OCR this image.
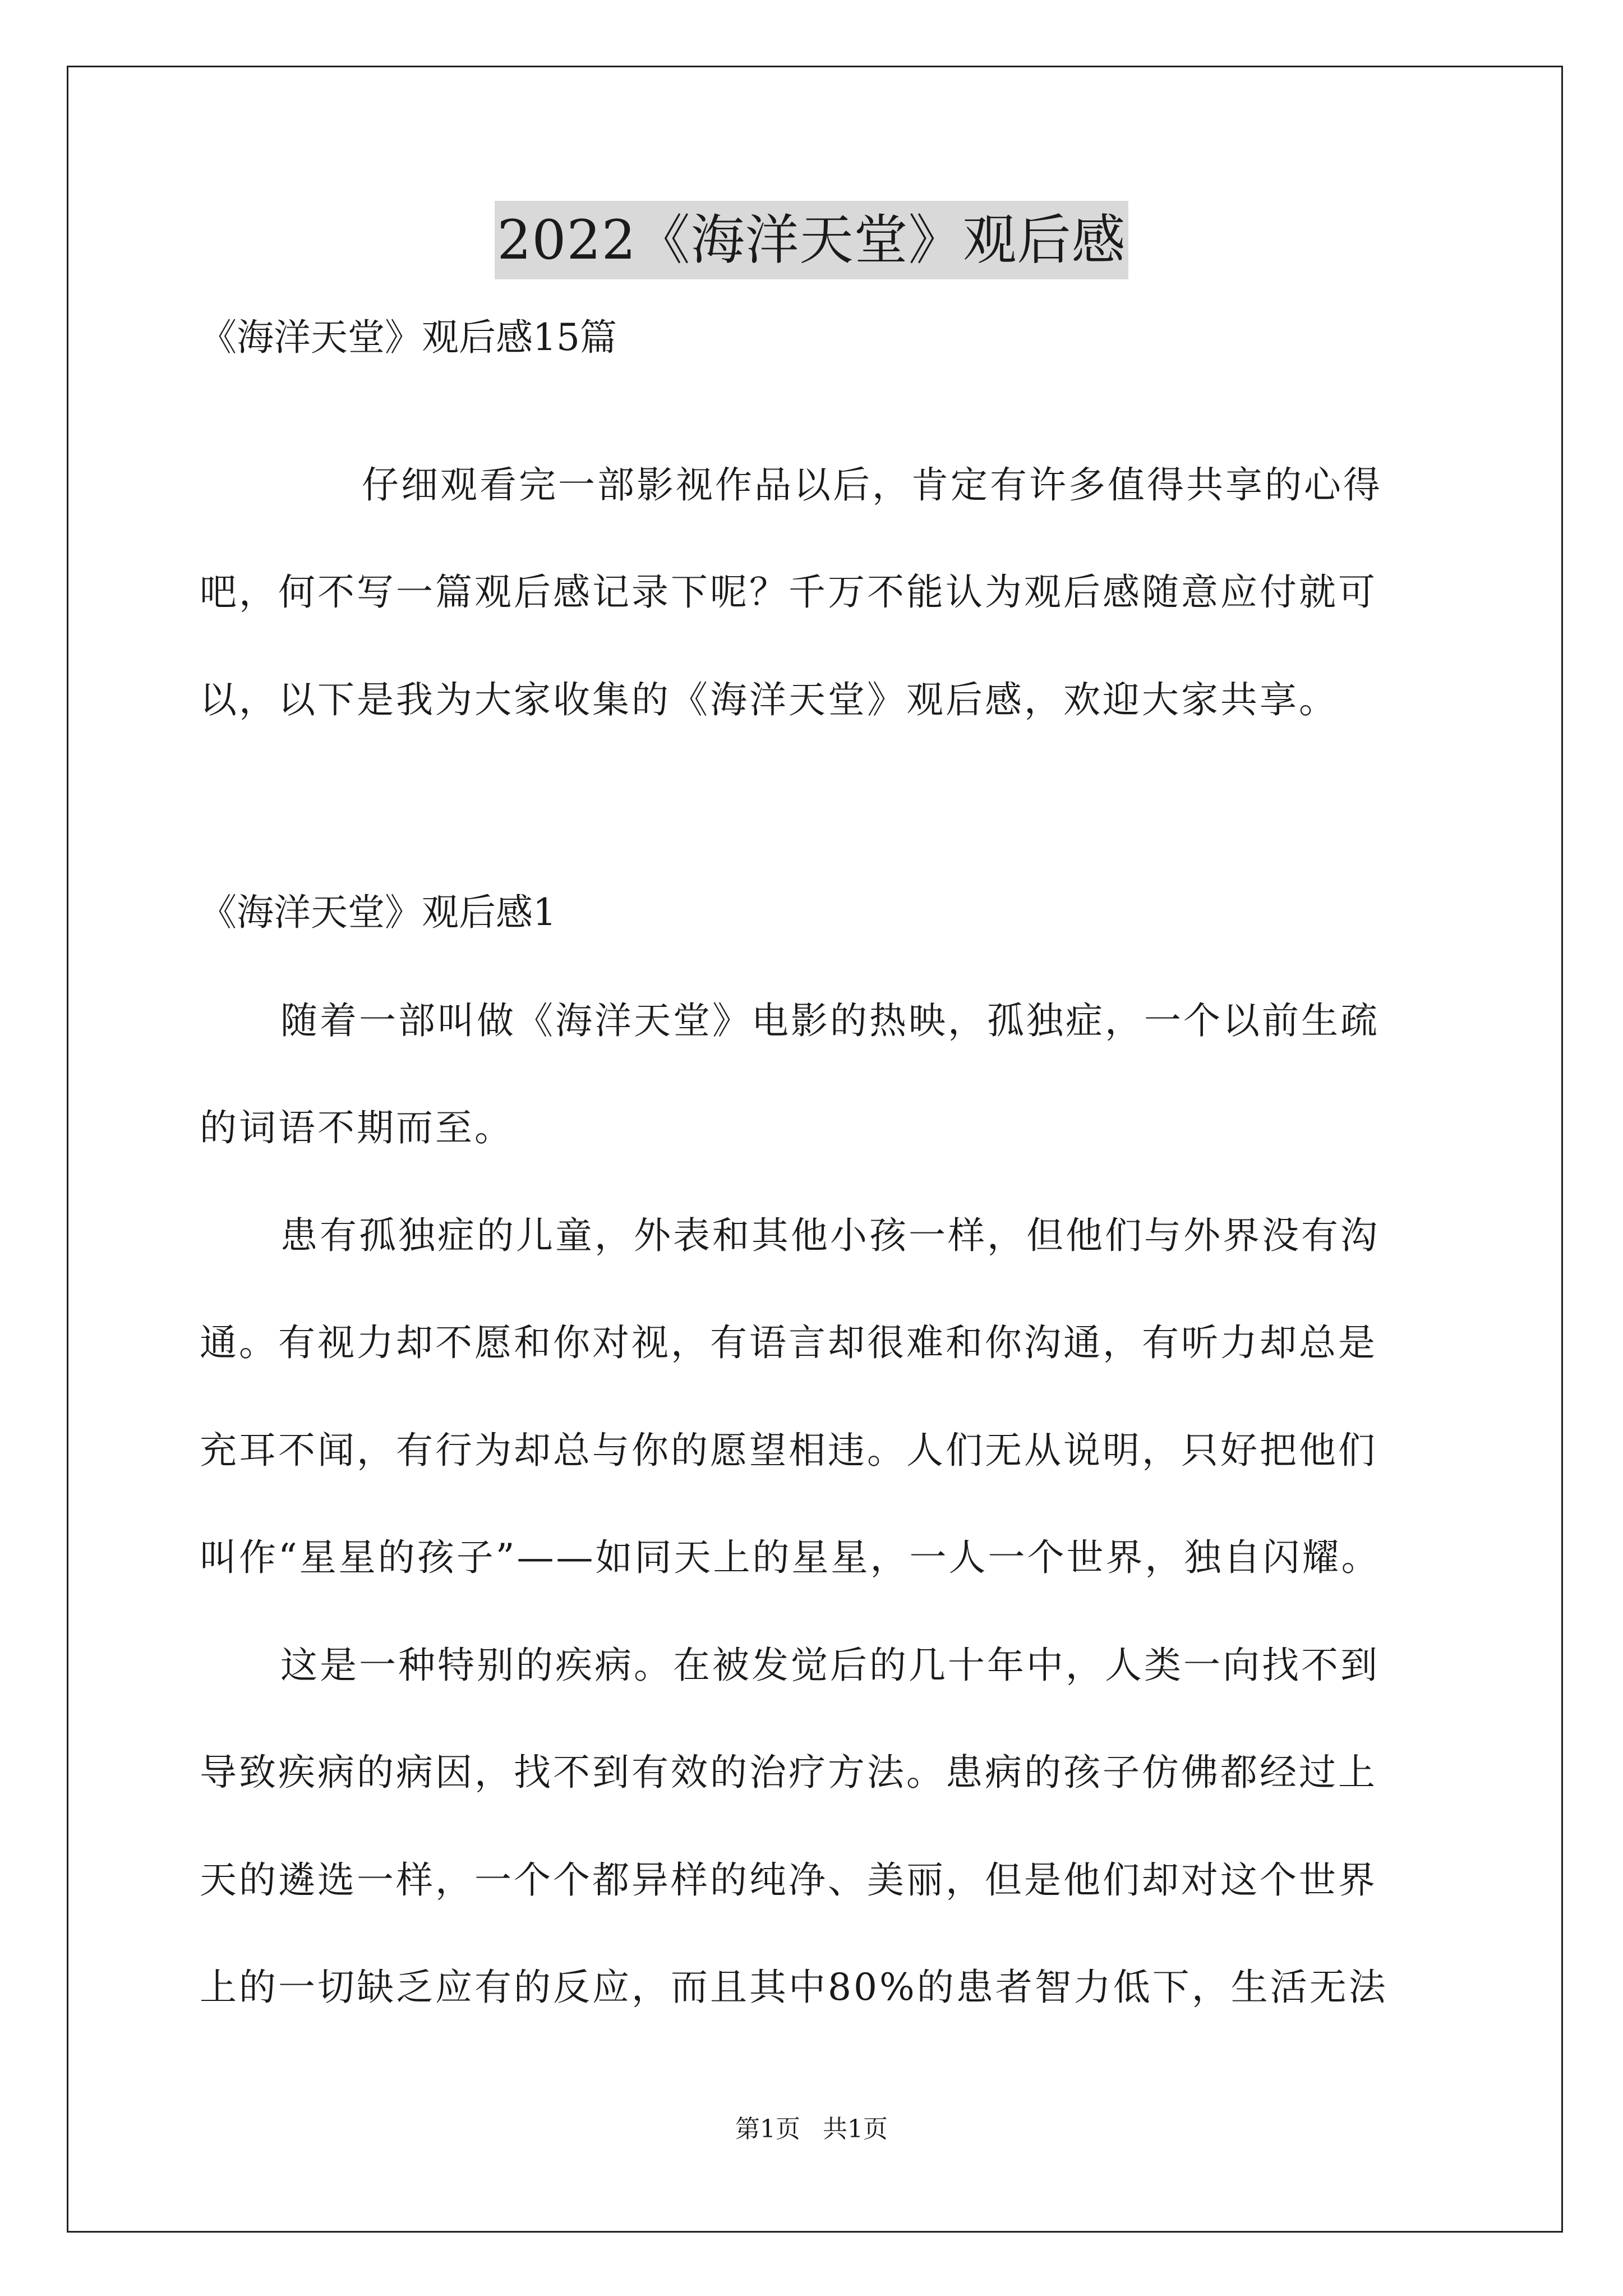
2022《海洋天堂》观后感
《海洋天堂》观后感15篇
仔细观看完一部影视作品以后，肯定有许多值得共享的心得
吧，何不写一篇观后感记录下呢？千万不能认为观后感随意应付就可
以，以下是我为大家收集的《海洋天堂》观后感，欢迎大家共享。
《海洋天堂》观后感1
随着一部叫做《海洋天堂》电影的热映，孤独症，一个以前生疏
的词语不期而至。
患有孤独症的儿童，外表和其他小孩一样，但他们与外界没有沟
通。有视力却不愿和你对视，有语言却很难和你沟通，有听力却总是
充耳不闻，有行为却总与你的愿望相违。人们无从说明，只好把他们
叫作“星星的孩子”——如同天上的星星，一人一个世界，独自闪耀。
这是一种特别的疾病。在被发觉后的几十年中，人类一向找不到
导致疾病的病因，找不到有效的治疗方法。患病的孩子仿佛都经过上
天的遴选一样，一个个都异样的纯净、美丽，但是他们却对这个世界
上的一切缺乏应有的反应，而且其中80%的患者智力低下，生活无法
第1页 共1页
